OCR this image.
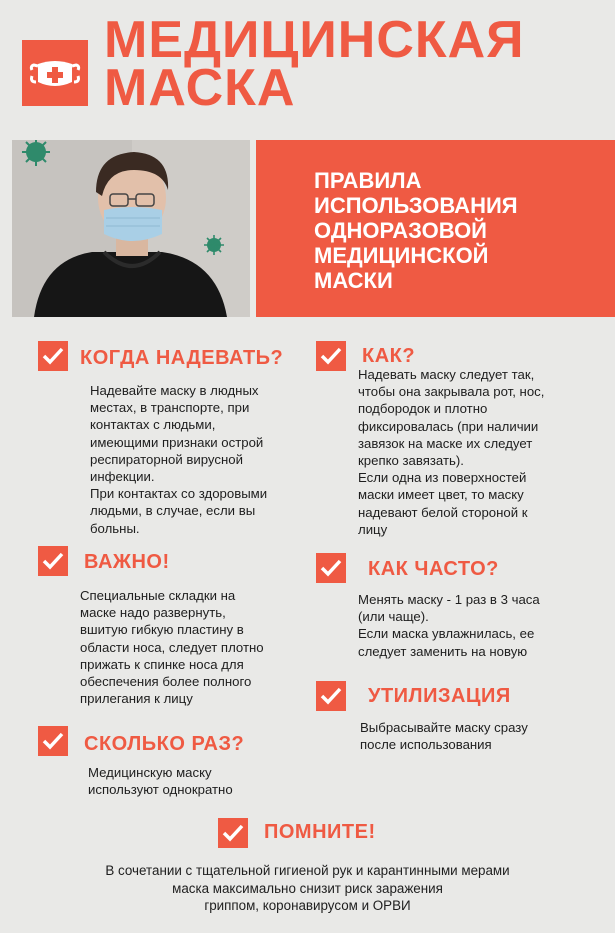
МЕДИЦИНСКАЯ
МАСКА
ПРАВИЛА
ИСПОЛЬЗОВАНИЯ
ОДНОРАЗОВОЙ
МЕДИЦИНСКОЙ
МАСКИ
КОГДА НАДЕВАТЬ?
Надевайте маску в людных
местах, в транспорте, при
контактах с людьми,
имеющими признаки острой
респираторной вирусной
инфекции.
При контактах со здоровыми
людьми, в случае, если вы
больны.
ВАЖНО!
Специальные складки на
маске надо развернуть,
вшитую гибкую пластину в
области носа, следует плотно
прижать к спинке носа для
обеспечения более полного
прилегания к лицу
СКОЛЬКО РАЗ?
Медицинскую маску
используют однократно
КАК?
Надевать маску следует так,
чтобы она закрывала рот, нос,
подбородок и плотно
фиксировалась (при наличии
завязок на маске их следует
крепко завязать).
Если одна из поверхностей
маски имеет цвет, то маску
надевают белой стороной к
лицу
КАК ЧАСТО?
Менять маску - 1 раз в 3 часа
(или чаще).
Если маска увлажнилась, ее
следует заменить на новую
УТИЛИЗАЦИЯ
Выбрасывайте маску сразу
после использования
ПОМНИТЕ!
В сочетании с тщательной гигиеной рук и карантинными мерами
маска максимально снизит риск заражения
гриппом, коронавирусом и ОРВИ
